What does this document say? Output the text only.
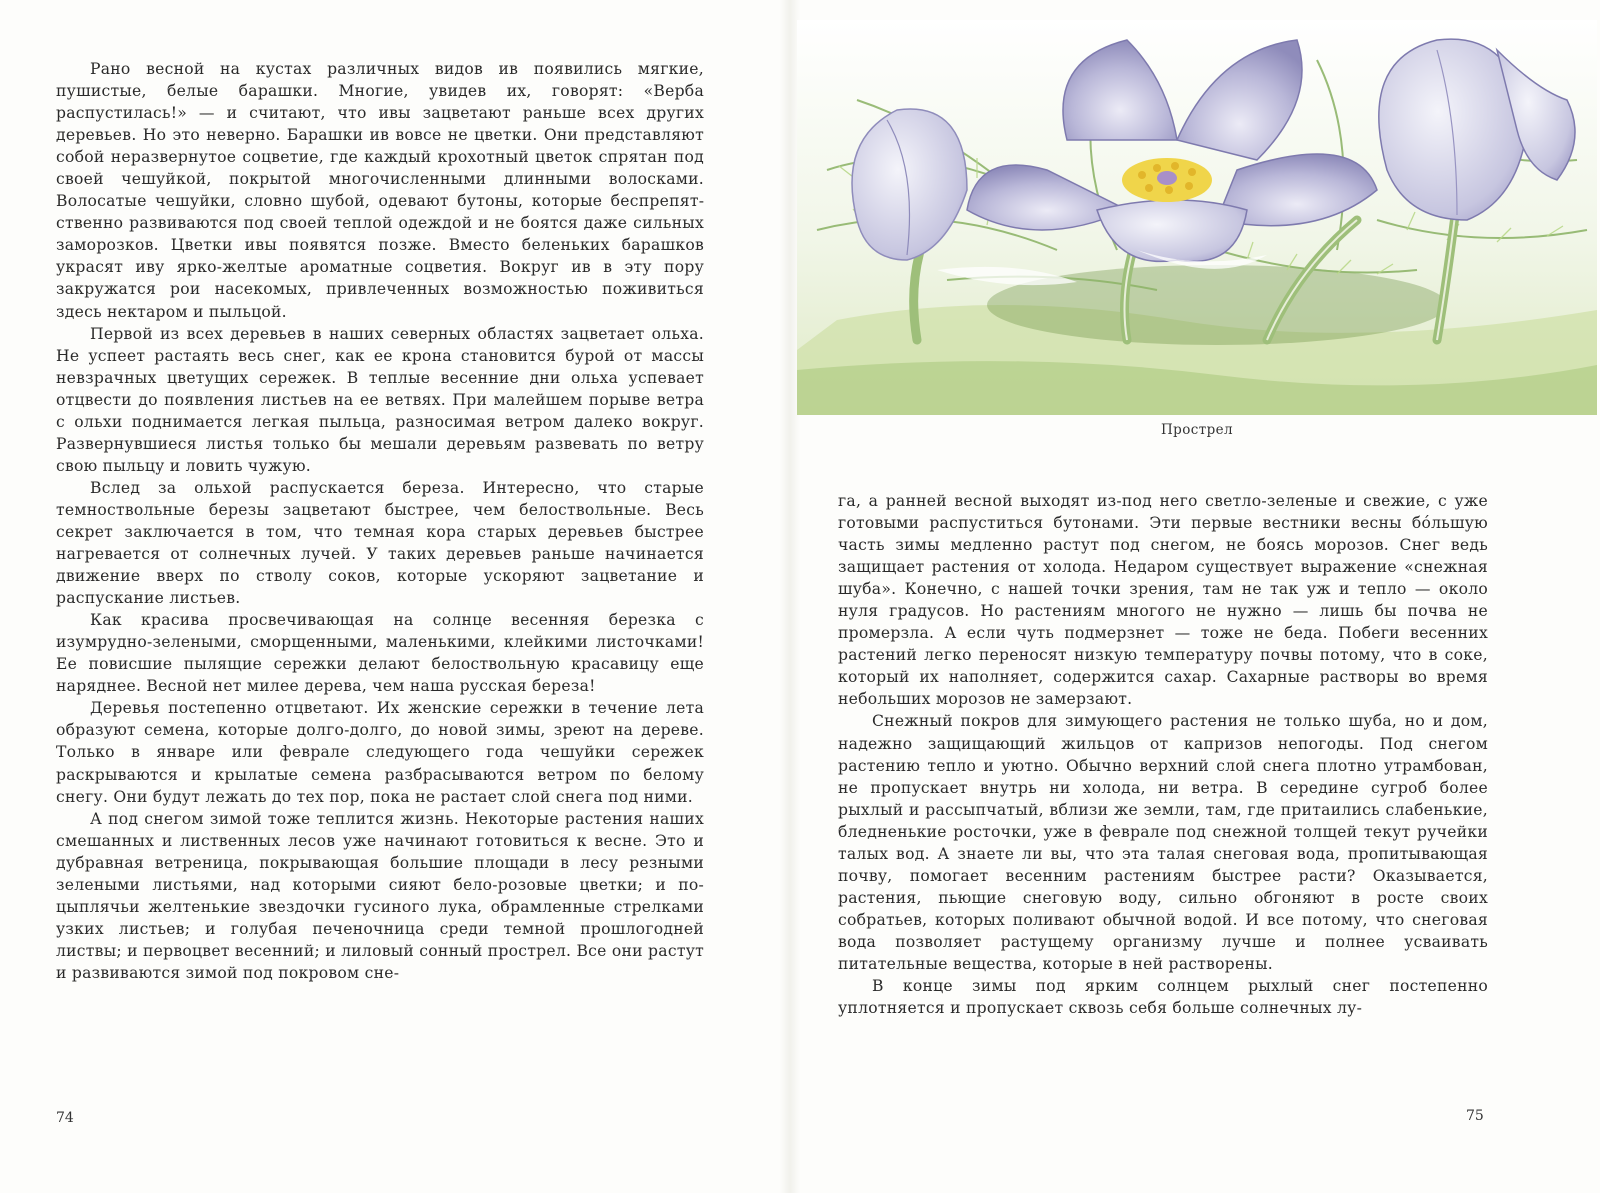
Рано весной на кустах различных видов ив появились мягкие, пушистые, белые барашки. Многие, увидев их, говорят: «Верба распустилась!» — и считают, что ивы зацветают раньше всех других деревьев. Но это неверно. Барашки ив вовсе не цветки. Они представляют собой неразвернутое соцветие, где каждый крохотный цветок спрятан под своей чешуйкой, покрытой многочисленными длинными волосками. Волосатые чешуйки, словно шубой, одевают бутоны, которые беспрепятственно развиваются под своей теплой одеждой и не боятся даже сильных заморозков. Цветки ивы появятся позже. Вместо беленьких барашков украсят иву ярко-желтые ароматные соцветия. Вокруг ив в эту пору закружатся рои насекомых, привлеченных возможностью поживиться здесь нектаром и пыльцой.

Первой из всех деревьев в наших северных областях зацветает ольха. Не успеет растаять весь снег, как ее крона становится бурой от массы невзрачных цветущих сережек. В теплые весенние дни ольха успевает отцвести до появления листьев на ее ветвях. При малейшем порыве ветра с ольхи поднимается легкая пыльца, разносимая ветром далеко вокруг. Развернувшиеся листья только бы мешали деревьям развевать по ветру свою пыльцу и ловить чужую.

Вслед за ольхой распускается береза. Интересно, что старые темноствольные березы зацветают быстрее, чем белоствольные. Весь секрет заключается в том, что темная кора старых деревьев быстрее нагревается от солнечных лучей. У таких деревьев раньше начинается движение вверх по стволу соков, которые ускоряют зацветание и распускание листьев.

Как красива просвечивающая на солнце весенняя березка с изумрудно-зелеными, сморщенными, маленькими, клейкими листочками! Ее повисшие пылящие сережки делают белоствольную красавицу еще наряднее. Весной нет милее дерева, чем наша русская береза!

Деревья постепенно отцветают. Их женские сережки в течение лета образуют семена, которые долго-долго, до новой зимы, зреют на дереве. Только в январе или феврале следующего года чешуйки сережек раскрываются и крылатые семена разбрасываются ветром по белому снегу. Они будут лежать до тех пор, пока не растает слой снега под ними.

А под снегом зимой тоже теплится жизнь. Некоторые растения наших смешанных и лиственных лесов уже начинают готовиться к весне. Это и дубравная ветреница, покрывающая большие площади в лесу резными зелеными листьями, над которыми сияют бело-розовые цветки; и по-цыплячьи желтенькие звездочки гусиного лука, обрамленные стрелками узких листьев; и голубая печеночница среди темной прошлогодней листвы; и первоцвет весенний; и лиловый сонный прострел. Все они растут и развиваются зимой под покровом сне-

74
Прострел

га, а ранней весной выходят из-под него светло-зеленые и свежие, с уже готовыми распуститься бутонами. Эти первые вестники весны бо́льшую часть зимы медленно растут под снегом, не боясь морозов. Снег ведь защищает растения от холода. Недаром существует выражение «снежная шуба». Конечно, с нашей точки зрения, там не так уж и тепло — около нуля градусов. Но растениям многого не нужно — лишь бы почва не промерзла. А если чуть подмерзнет — тоже не беда. Побеги весенних растений легко переносят низкую температуру почвы потому, что в соке, который их наполняет, содержится сахар. Сахарные растворы во время небольших морозов не замерзают.

Снежный покров для зимующего растения не только шуба, но и дом, надежно защищающий жильцов от капризов непогоды. Под снегом растению тепло и уютно. Обычно верхний слой снега плотно утрамбован, не пропускает внутрь ни холода, ни ветра. В середине сугроб более рыхлый и рассыпчатый, вблизи же земли, там, где притаились слабенькие, бледненькие росточки, уже в феврале под снежной толщей текут ручейки талых вод. А знаете ли вы, что эта талая снеговая вода, пропитывающая почву, помогает весенним растениям быстрее расти? Оказывается, растения, пьющие снеговую воду, сильно обгоняют в росте своих собратьев, которых поливают обычной водой. И все потому, что снеговая вода позволяет растущему организму лучше и полнее усваивать питательные вещества, которые в ней растворены.

В конце зимы под ярким солнцем рыхлый снег постепенно уплотняется и пропускает сквозь себя больше солнечных лу-

75
